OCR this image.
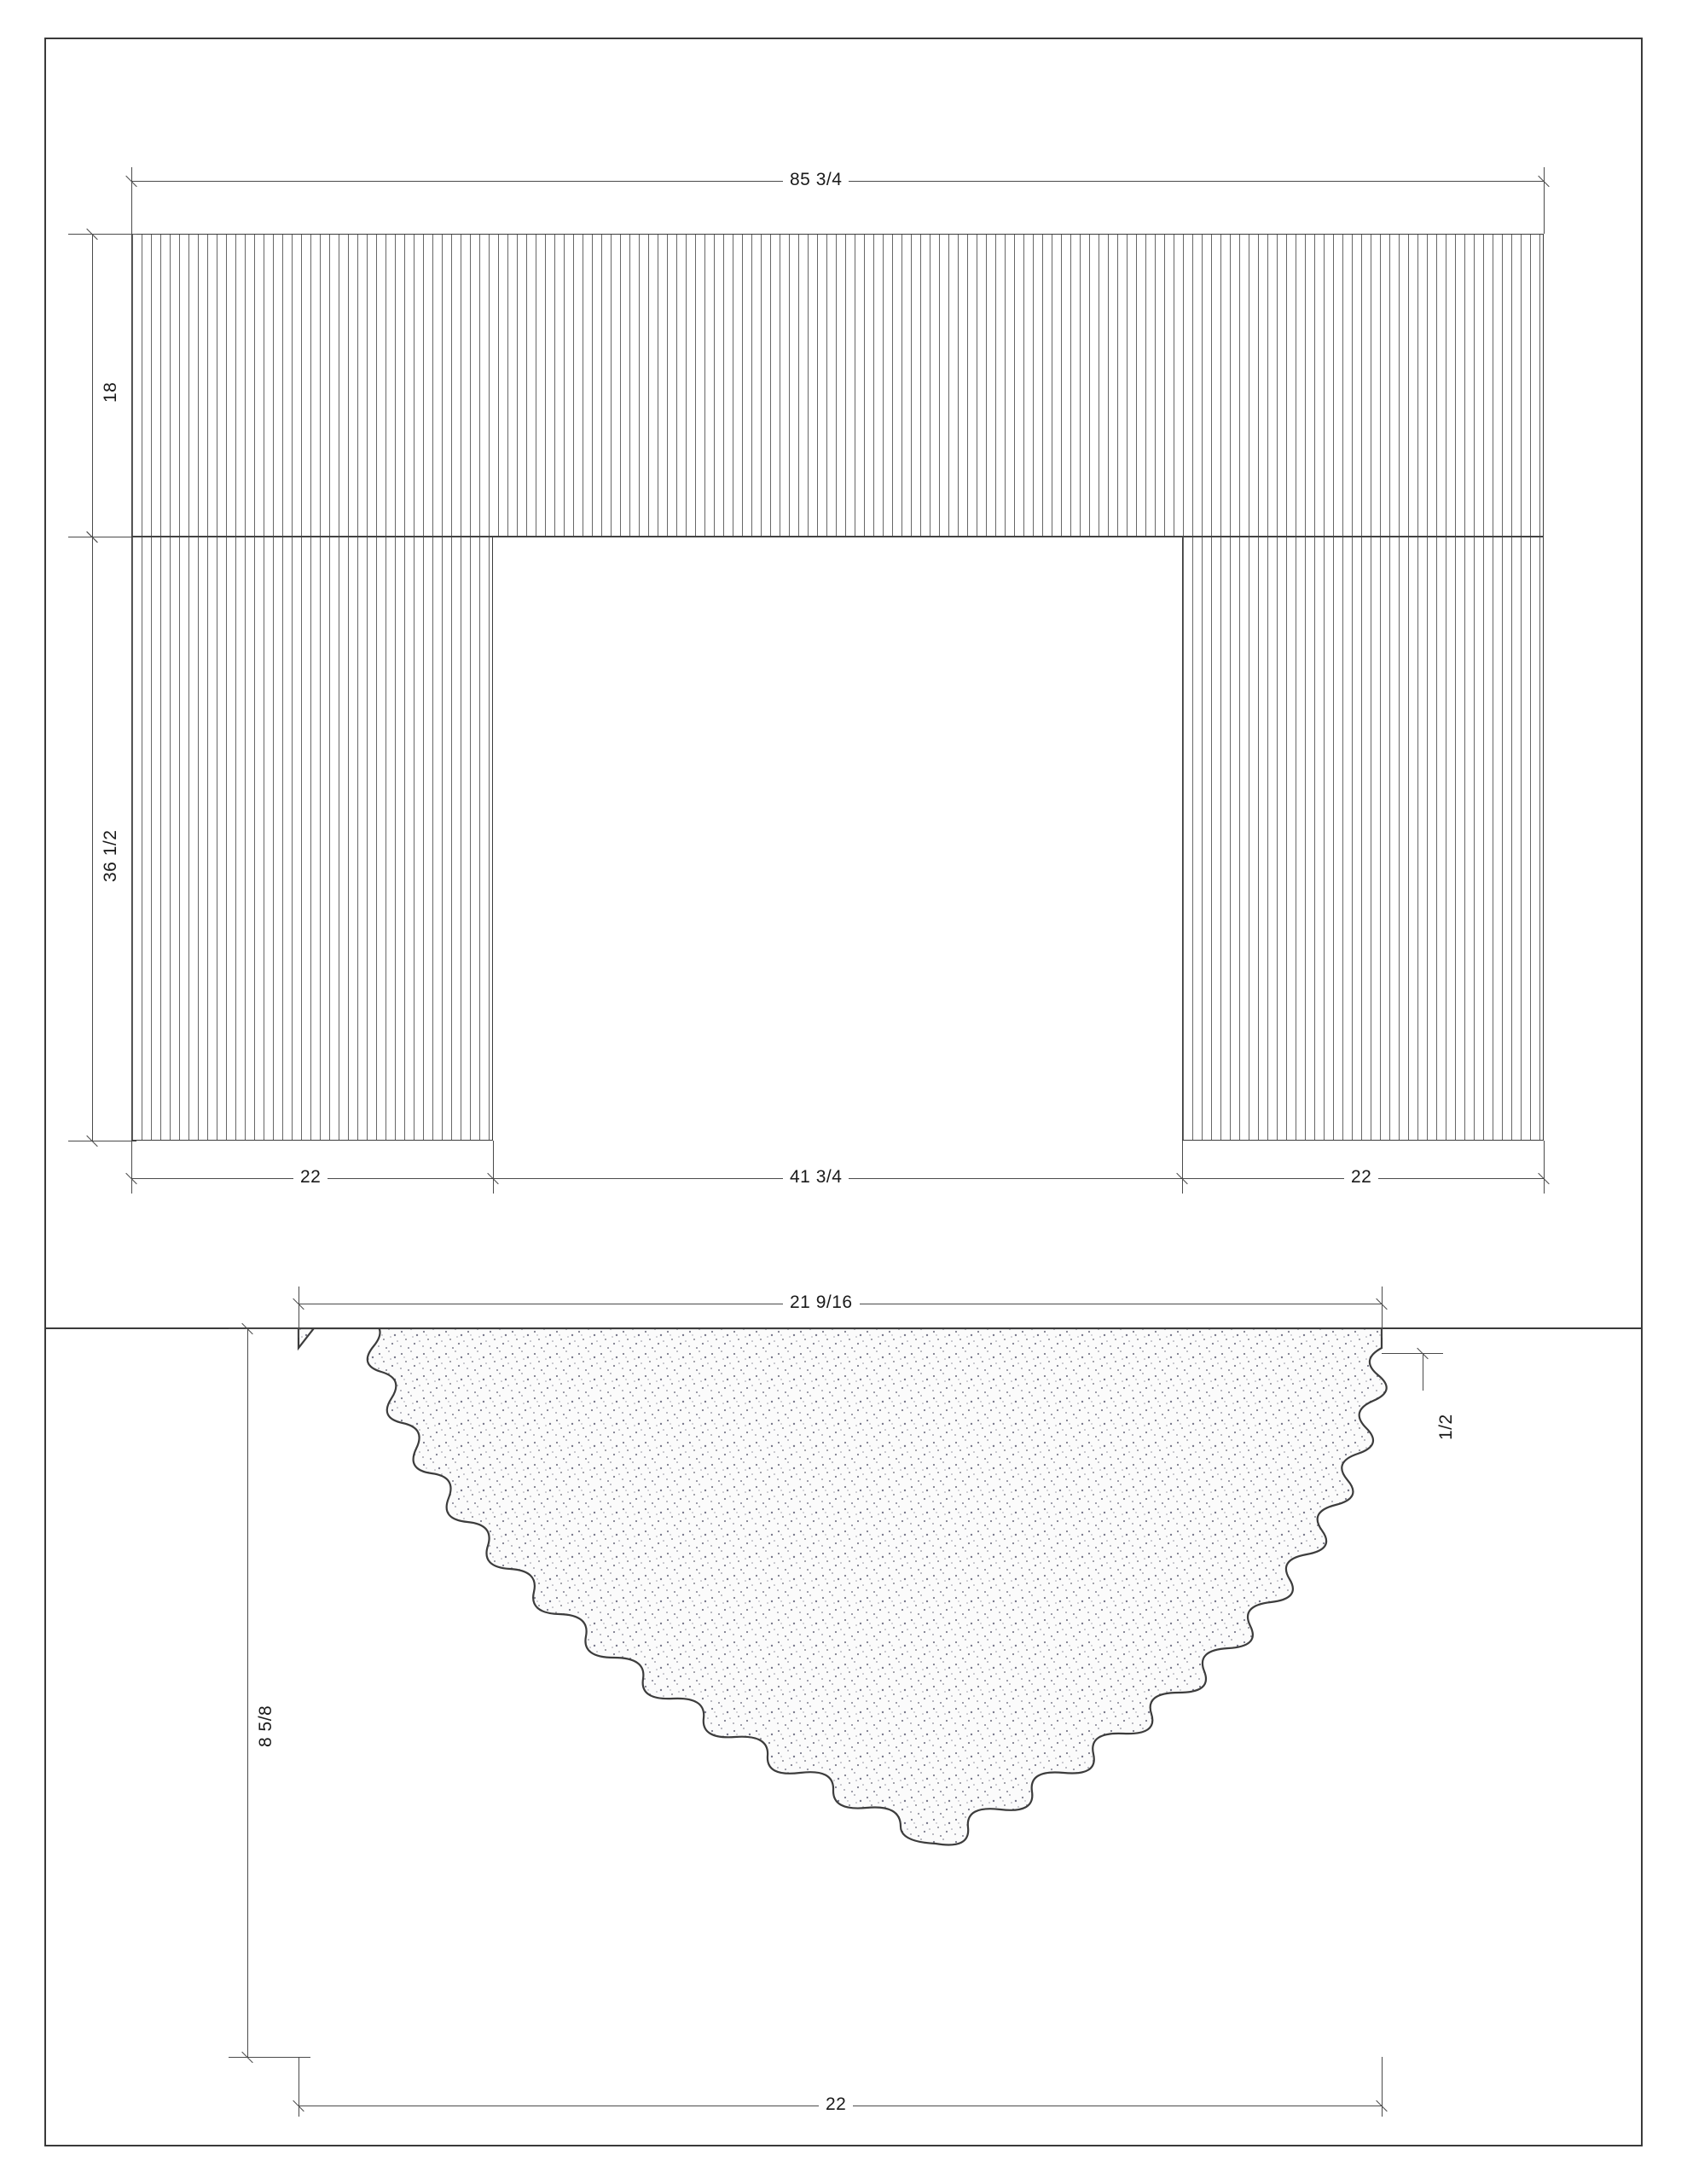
85 3/4
18
36 1/2
22	41 3/4	22
21 9/16
8 5/8
22
1/2
